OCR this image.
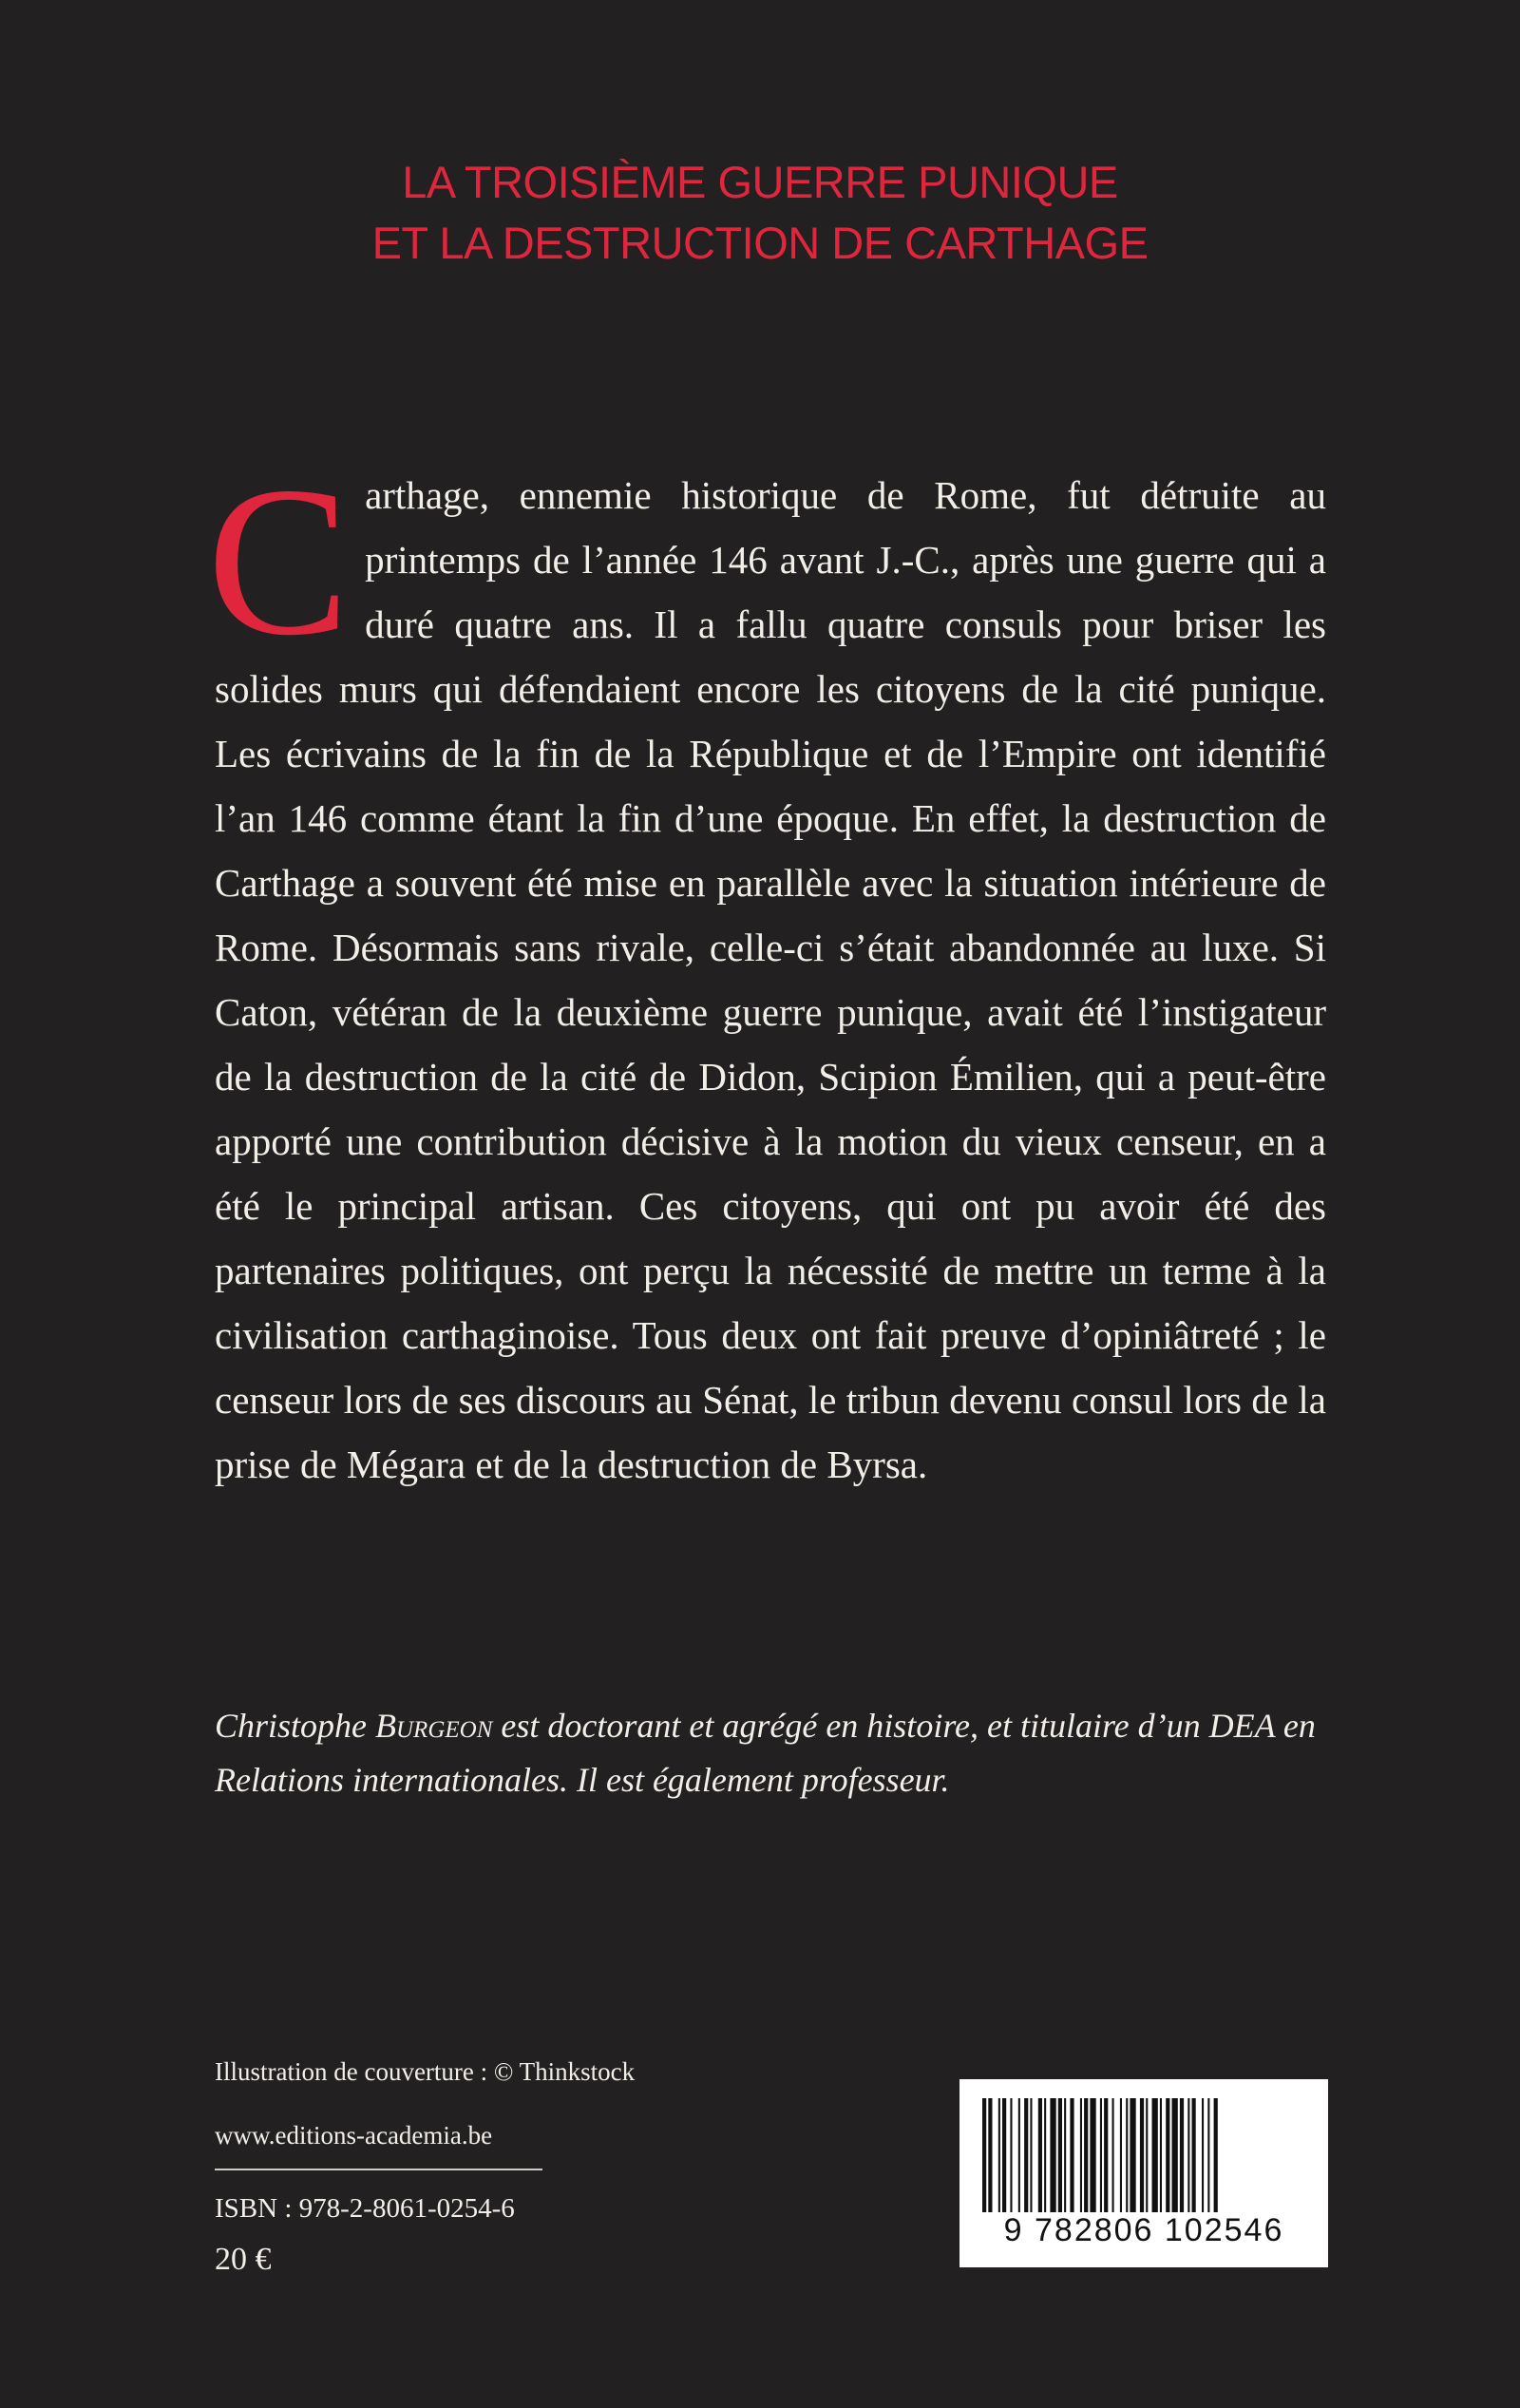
LA TROISIÈME GUERRE PUNIQUE
ET LA DESTRUCTION DE CARTHAGE

Carthage, ennemie historique de Rome, fut détruite au printemps de l’année 146 avant J.-C., après une guerre qui a duré quatre ans. Il a fallu quatre consuls pour briser les solides murs qui défendaient encore les citoyens de la cité punique. Les écrivains de la fin de la République et de l’Empire ont identifié l’an 146 comme étant la fin d’une époque. En effet, la destruction de Carthage a souvent été mise en parallèle avec la situation intérieure de Rome. Désormais sans rivale, celle-ci s’était abandonnée au luxe. Si Caton, vétéran de la deuxième guerre punique, avait été l’instigateur de la destruction de la cité de Didon, Scipion Émilien, qui a peut-être apporté une contribution décisive à la motion du vieux censeur, en a été le principal artisan. Ces citoyens, qui ont pu avoir été des partenaires politiques, ont perçu la nécessité de mettre un terme à la civilisation carthaginoise. Tous deux ont fait preuve d’opiniâtreté ; le censeur lors de ses discours au Sénat, le tribun devenu consul lors de la prise de Mégara et de la destruction de Byrsa.

Christophe Burgeon est doctorant et agrégé en histoire, et titulaire d’un DEA en Relations internationales. Il est également professeur.

Illustration de couverture : © Thinkstock
www.editions-academia.be
ISBN : 978-2-8061-0254-6
20 €
9 782806 102546
